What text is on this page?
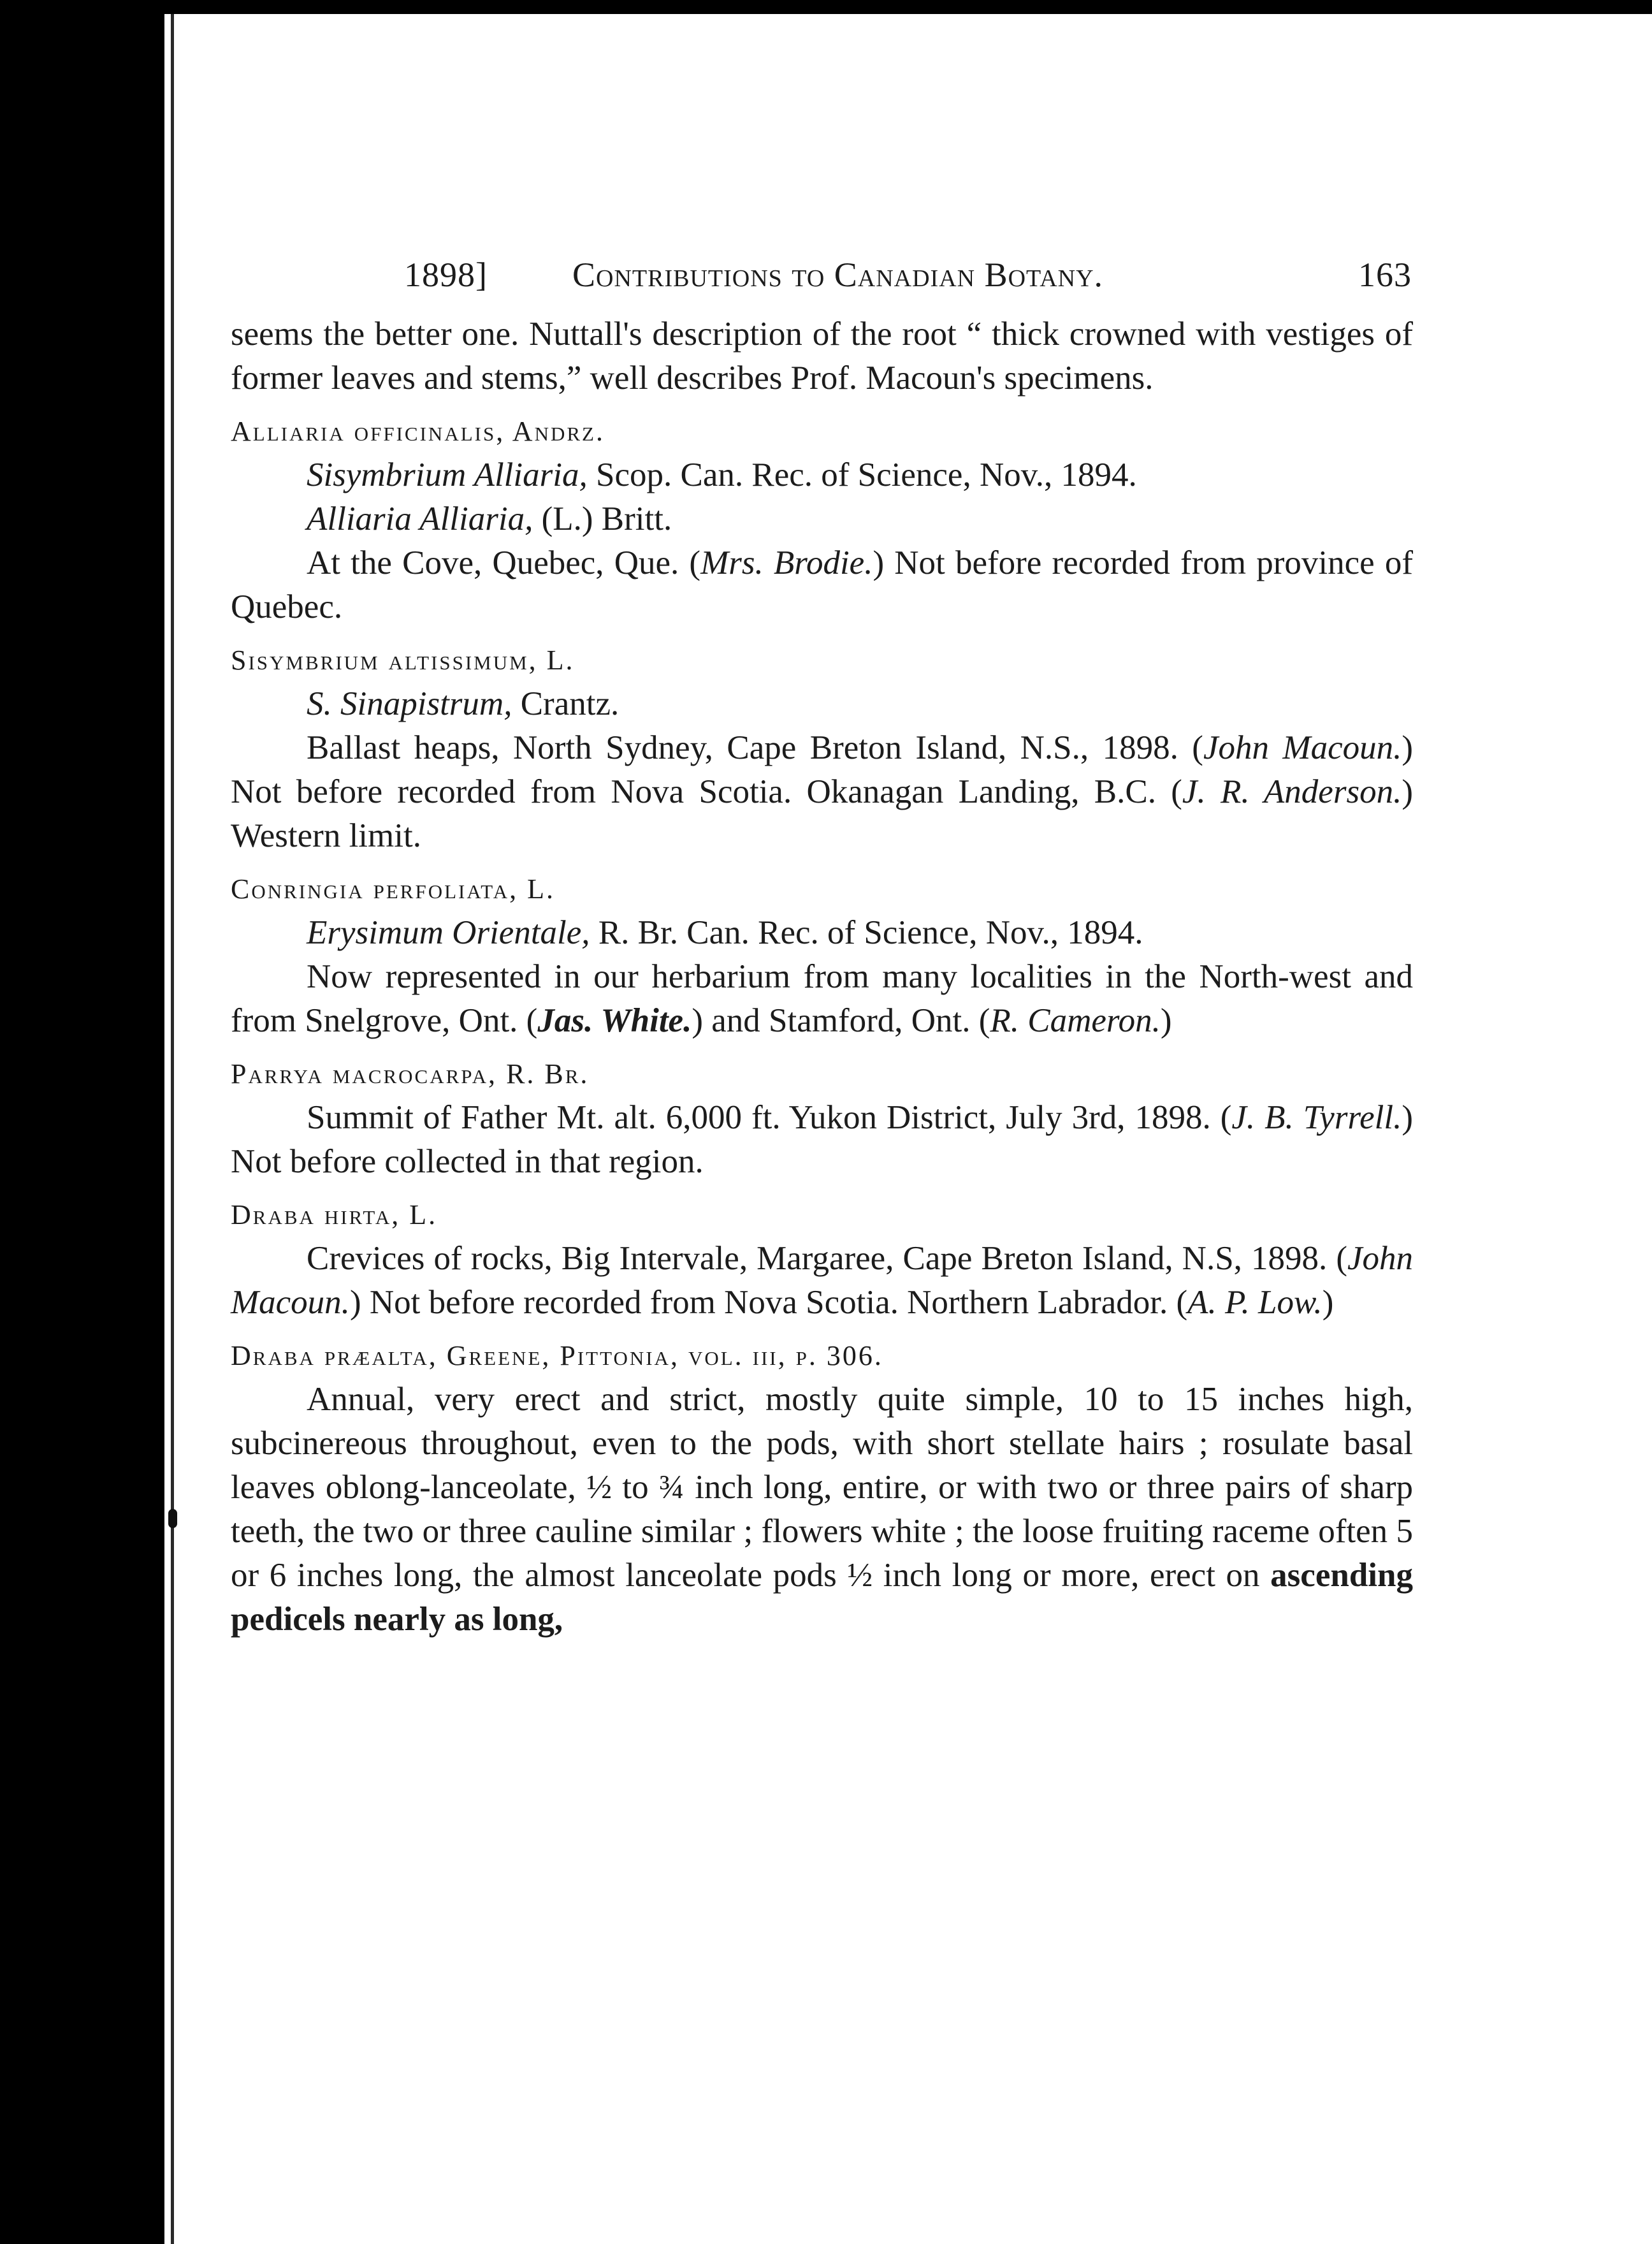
1898] Contributions to Canadian Botany.	163

seems the better one. Nuttall's description of the root “ thick crowned with vestiges of former leaves and stems,” well describes Prof. Macoun's specimens.

Alliaria officinalis, Andrz.

Sisymbrium Alliaria, Scop. Can. Rec. of Science, Nov., 1894.

Alliaria Alliaria, (L.) Britt.

At the Cove, Quebec, Que. (Mrs. Brodie.) Not before recorded from province of Quebec.

Sisymbrium altissimum, L.

S. Sinapistrum, Crantz.

Ballast heaps, North Sydney, Cape Breton Island, N.S., 1898. (John Macoun.) Not before recorded from Nova Scotia. Okanagan Landing, B.C. (J. R. Anderson.) Western limit.

Conringia perfoliata, L.

Erysimum Orientale, R. Br. Can. Rec. of Science, Nov., 1894.

Now represented in our herbarium from many localities in the North-west and from Snelgrove, Ont. (Jas. White.) and Stamford, Ont. (R. Cameron.)

Parrya macrocarpa, R. Br.

Summit of Father Mt. alt. 6,000 ft. Yukon District, July 3rd, 1898. (J. B. Tyrrell.) Not before collected in that region.

Draba hirta, L.

Crevices of rocks, Big Intervale, Margaree, Cape Breton Island, N.S, 1898. (John Macoun.) Not before recorded from Nova Scotia. Northern Labrador. (A. P. Low.)

Draba præalta, Greene, Pittonia, vol. iii, p. 306.

Annual, very erect and strict, mostly quite simple, 10 to 15 inches high, subcinereous throughout, even to the pods, with short stellate hairs ; rosulate basal leaves oblong-lanceolate, ½ to ¾ inch long, entire, or with two or three pairs of sharp teeth, the two or three cauline similar ; flowers white ; the loose fruiting raceme often 5 or 6 inches long, the almost lanceolate pods ½ inch long or more, erect on ascending pedicels nearly as long,
